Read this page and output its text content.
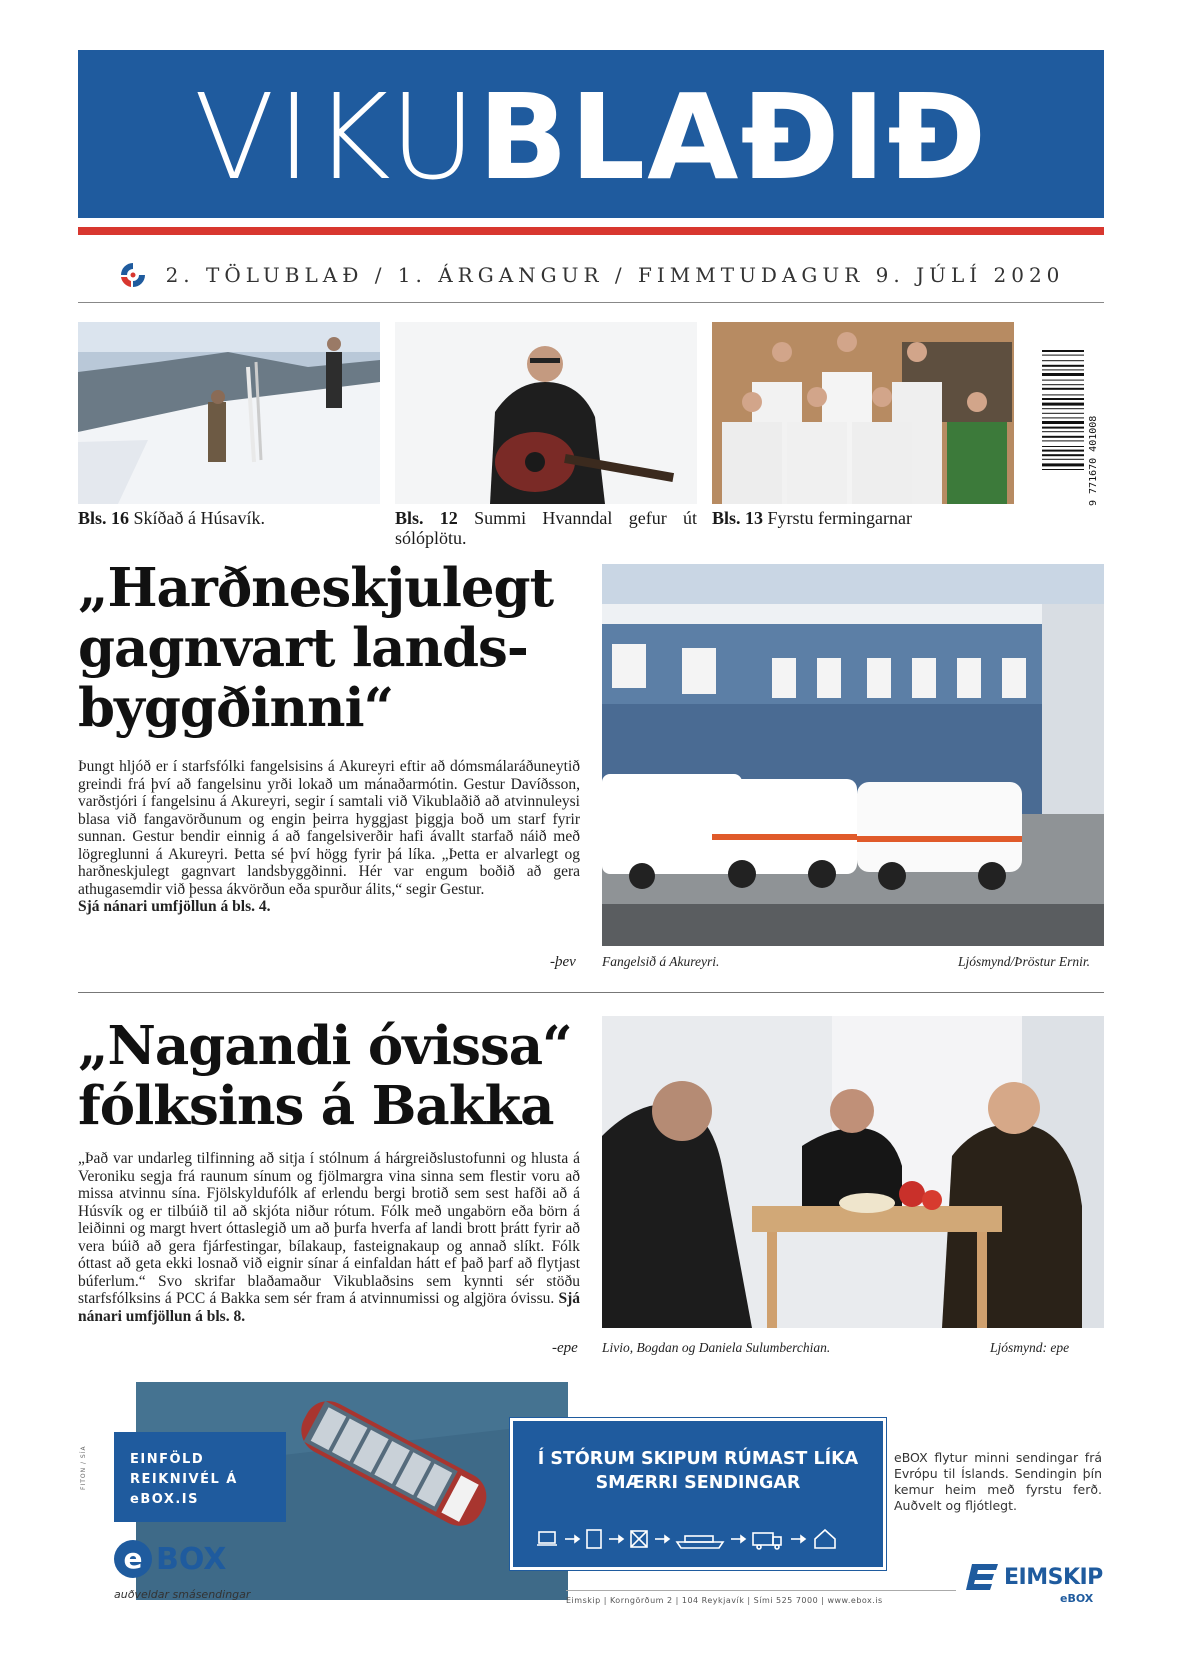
VIKUBLAÐIÐ
2. TÖLUBLAÐ / 1. ÁRGANGUR / FIMMTUDAGUR 9. JÚLÍ 2020
9 771670 401008
Bls. 16 Skíðað á Húsavík.	Bls. 12 Summi Hvanndal gefur út sólóplötu.
Bls. 13 Fyrstu fermingarnar
„Harðneskjulegt
gagnvart lands-
byggðinni“
Þungt hljóð er í starfsfólki fangelsisins á Akureyri eftir að dómsmálaráðuneytið greindi frá því að fangelsinu yrði lokað um mánaðarmótin. Gestur Davíðsson, varðstjóri í fangelsinu á Akureyri, segir í samtali við Vikublaðið að atvinnuleysi blasa við fangavörðunum og engin þeirra hyggjast þiggja boð um starf fyrir sunnan. Gestur bendir einnig á að fangelsiverðir hafi ávallt starfað náið með lögreglunni á Akureyri. Þetta sé því högg fyrir þá líka. „Þetta er alvarlegt og harðneskjulegt gagnvart landsbyggðinni. Hér var engum boðið að gera athugasemdir við þessa ákvörðun eða spurður álits,“ segir Gestur.
Sjá nánari umfjöllun á bls. 4.
-þev Fangelsið á Akureyri.	Ljósmynd/Þröstur Ernir.
„Nagandi óvissa“
fólksins á Bakka
„Það var undarleg tilfinning að sitja í stólnum á hárgreiðslustofunni og hlusta á Veroniku segja frá raunum sínum og fjölmargra vina sinna sem flestir voru að missa atvinnu sína. Fjölskyldufólk af erlendu bergi brotið sem sest hafði að á Húsvík og er tilbúið til að skjóta niður rótum. Fólk með ungabörn eða börn á leiðinni og margt hvert óttaslegið um að þurfa hverfa af landi brott þrátt fyrir að vera búið að gera fjárfestingar, bílakaup, fasteignakaup og annað slíkt. Fólk óttast að geta ekki losnað við eignir sínar á einfaldan hátt ef það þarf að flytjast búferlum.“ Svo skrifar blaðamaður Vikublaðsins sem kynnti sér stöðu starfsfólksins á PCC á Bakka sem sér fram á atvinnumissi og algjöra óvissu. Sjá nánari umfjöllun á bls. 8.
-epe Livio, Bogdan og Daniela Sulumberchian.	Ljósmynd: epe
FITON / SÍA	EINFÖLD REIKNIVÉL Á eBOX.IS
e BOX
auðveldar smásendingar
Í STÓRUM SKIPUM RÚMAST LÍKA
SMÆRRI SENDINGAR
eBOX flytur minni sendingar frá Evrópu til Íslands. Sendingin þín kemur heim með fyrstu ferð. Auðvelt og fljótlegt.
Eimskip | Korngörðum 2 | 104 Reykjavík | Sími 525 7000 | www.ebox.is
EIMSKIP
eBOX
